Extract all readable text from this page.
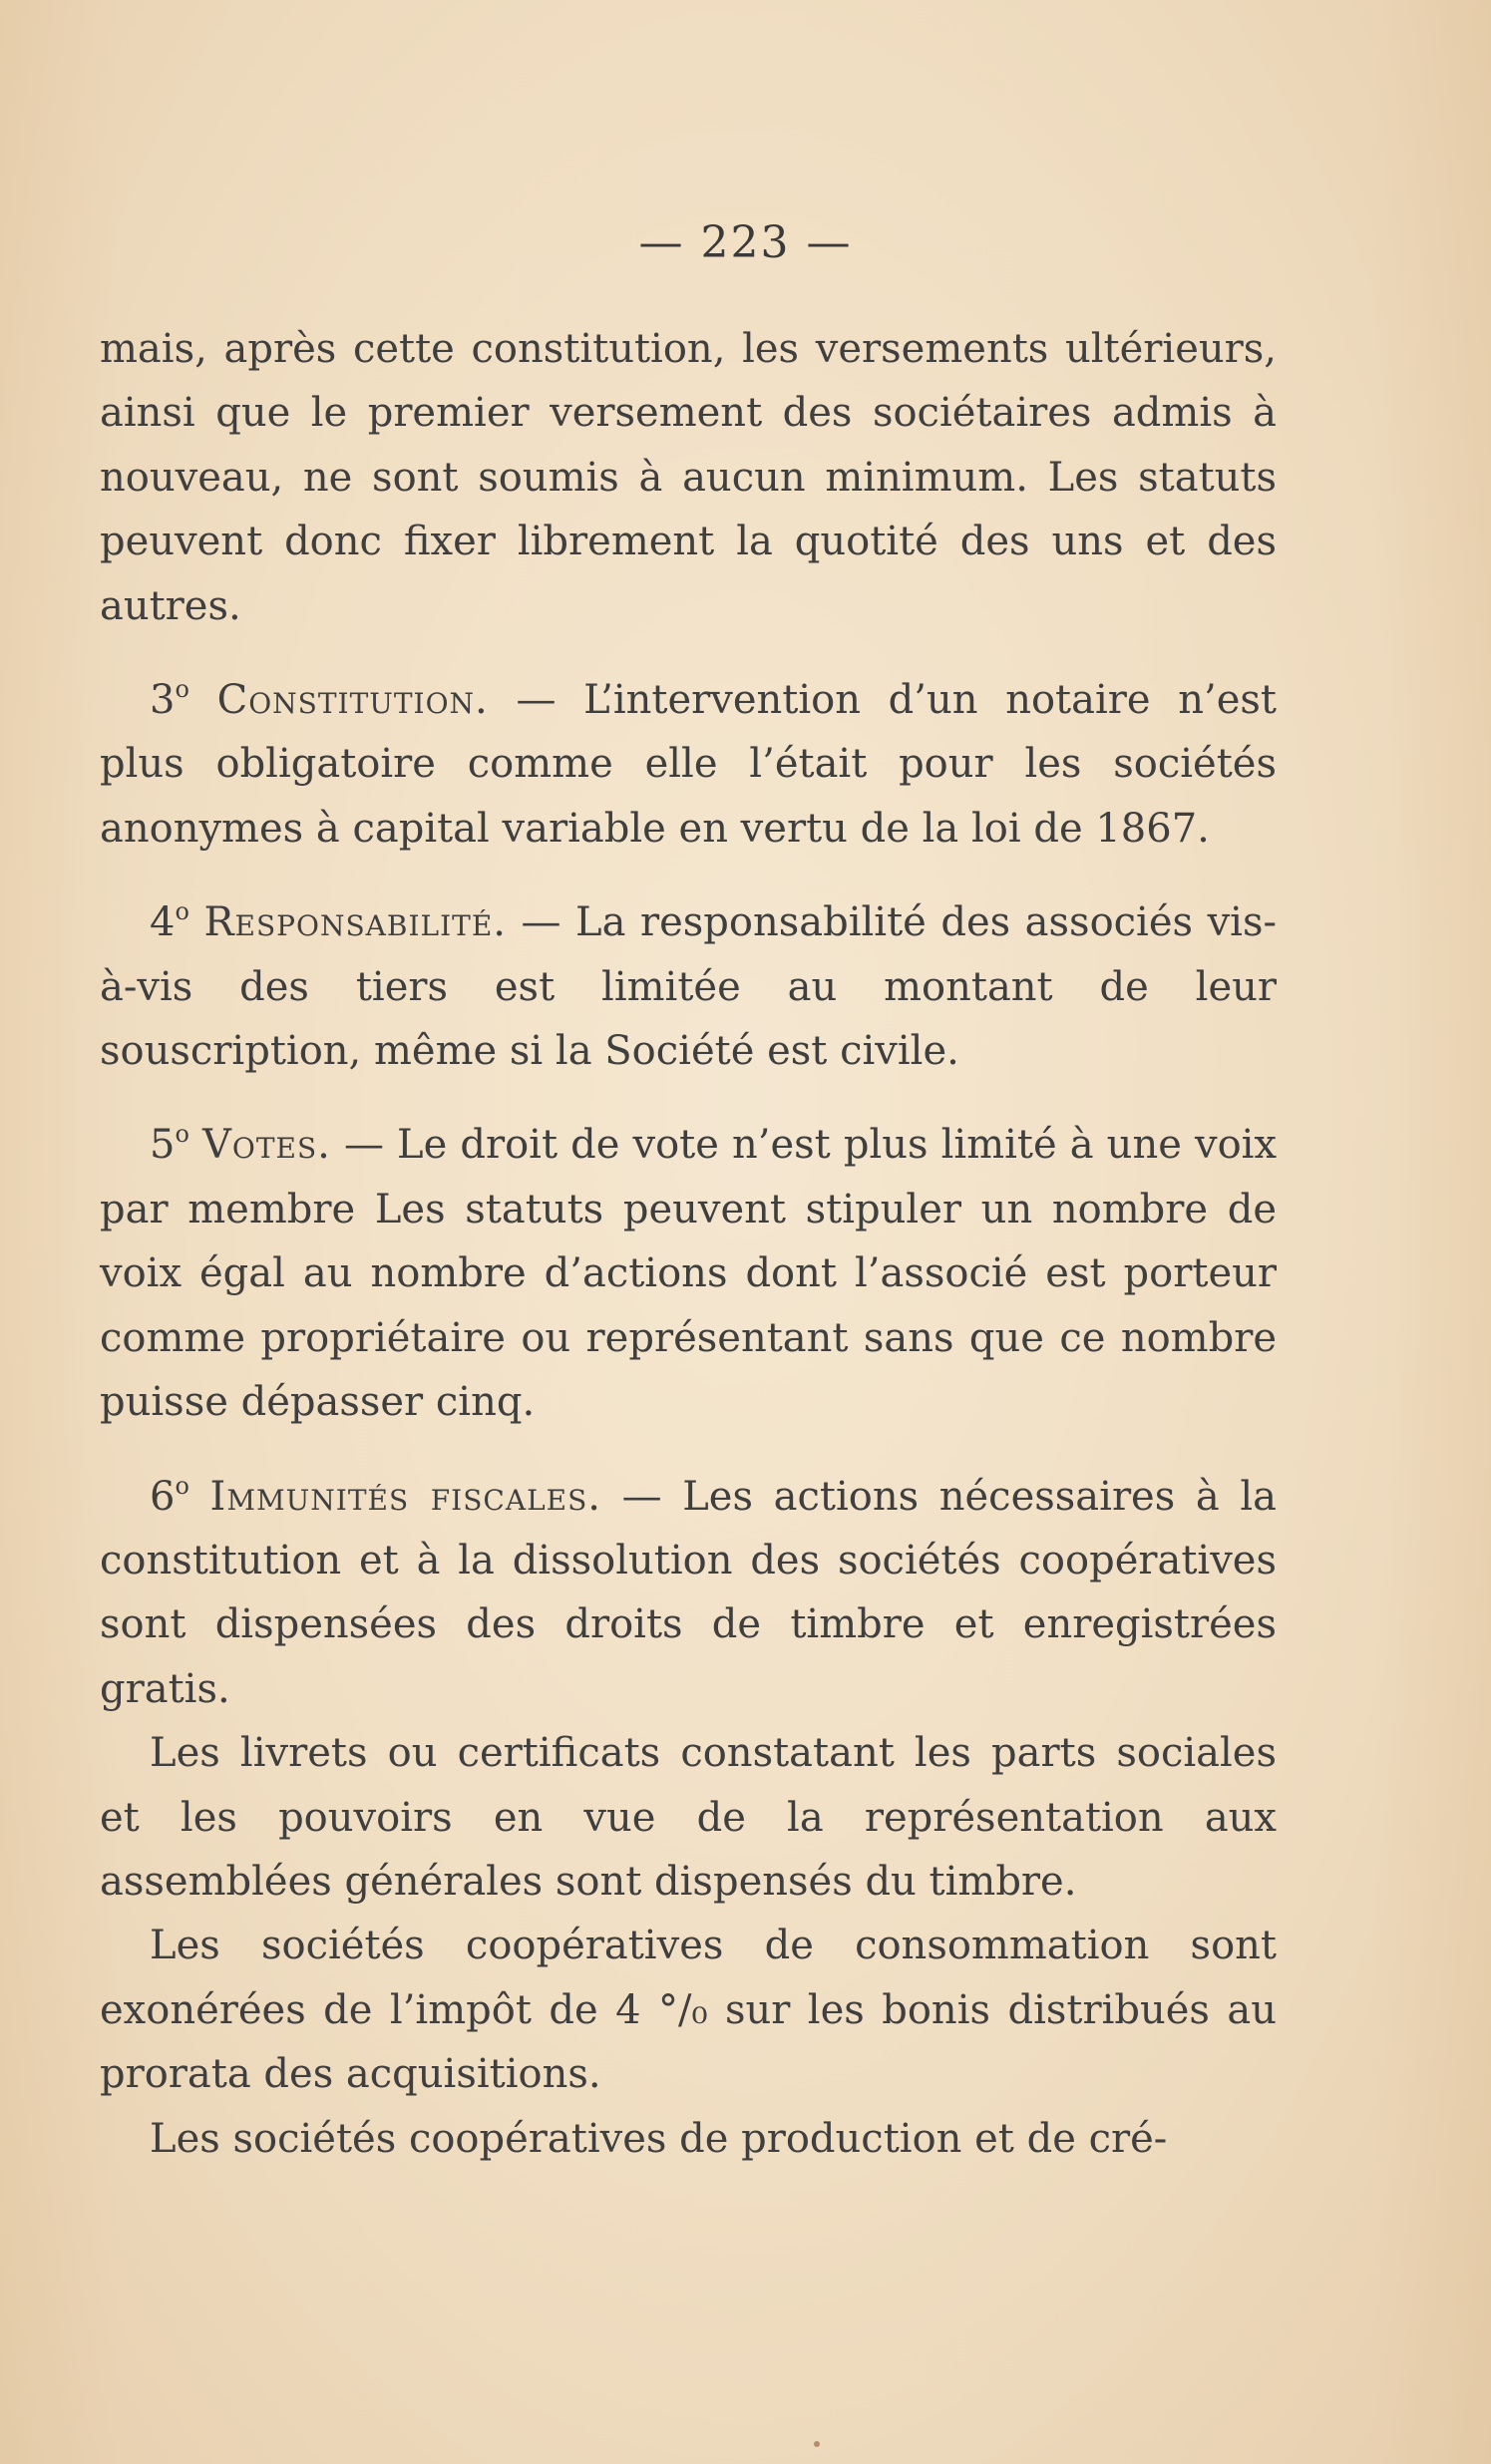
— 223 —

mais, après cette constitution, les versements ultérieurs, ainsi que le premier versement des sociétaires admis à nouveau, ne sont soumis à aucun minimum. Les statuts peuvent donc fixer librement la quotité des uns et des autres.

3$^o$ Constitution. — L’intervention d’un notaire n’est plus obligatoire comme elle l’était pour les sociétés anonymes à capital variable en vertu de la loi de 1867.

4$^o$ Responsabilité. — La responsabilité des associés vis-à-vis des tiers est limitée au montant de leur souscription, même si la Société est civile.

5$^o$ Votes. — Le droit de vote n’est plus limité à une voix par membre Les statuts peuvent stipuler un nombre de voix égal au nombre d’actions dont l’associé est porteur comme propriétaire ou représentant sans que ce nombre puisse dépasser cinq.

6$^o$ Immunités fiscales. — Les actions nécessaires à la constitution et à la dissolution des sociétés coopératives sont dispensées des droits de timbre et enregistrées gratis.

Les livrets ou certificats constatant les parts sociales et les pouvoirs en vue de la représentation aux assemblées générales sont dispensés du timbre.

Les sociétés coopératives de consommation sont exonérées de l’impôt de 4 °/₀ sur les bonis distribués au prorata des acquisitions.

Les sociétés coopératives de production et de cré-
